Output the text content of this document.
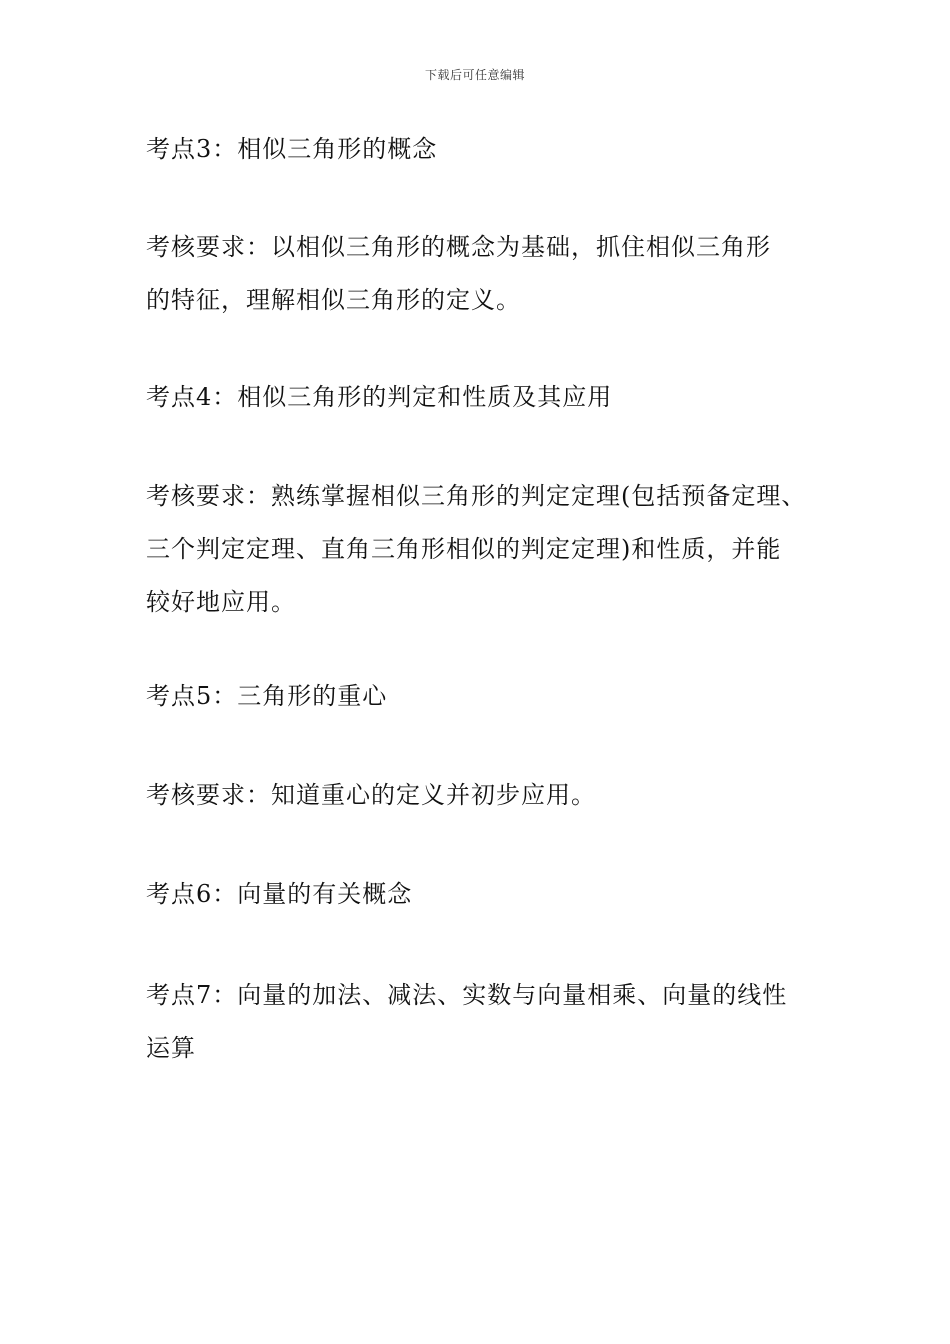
下载后可任意编辑
考点3：相似三角形的概念
考核要求：以相似三角形的概念为基础，抓住相似三角形
的特征，理解相似三角形的定义。
考点4：相似三角形的判定和性质及其应用
考核要求：熟练掌握相似三角形的判定定理(包括预备定理、
三个判定定理、直角三角形相似的判定定理)和性质，并能
较好地应用。
考点5：三角形的重心
考核要求：知道重心的定义并初步应用。
考点6：向量的有关概念
考点7：向量的加法、减法、实数与向量相乘、向量的线性
运算
